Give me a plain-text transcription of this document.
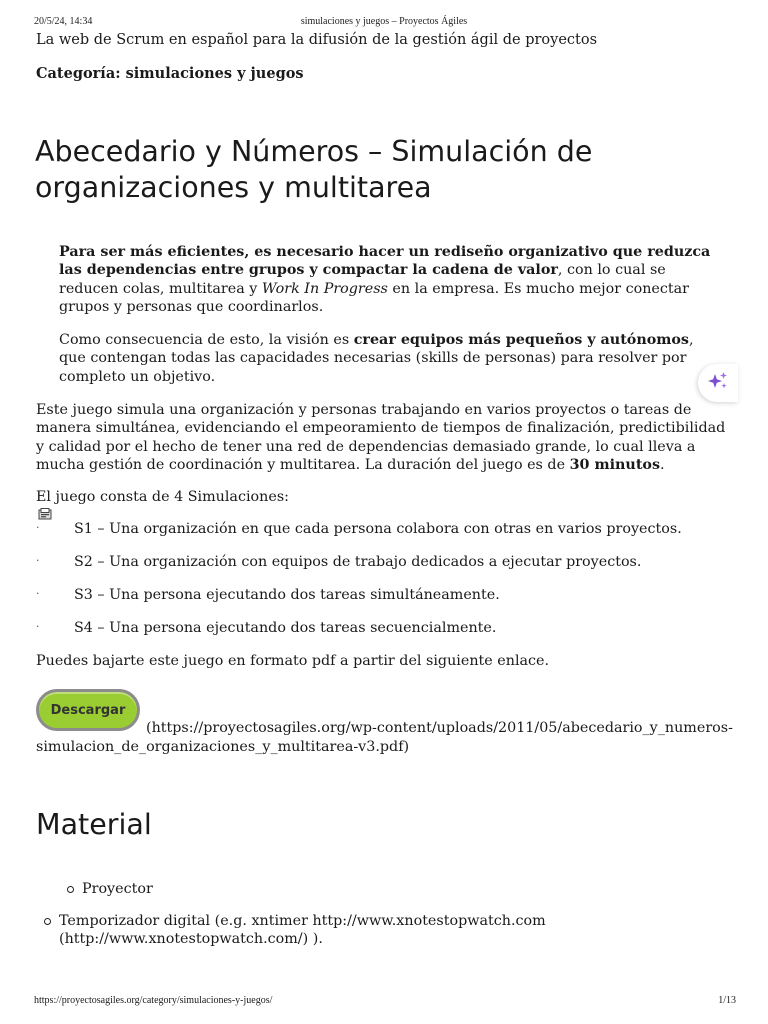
20/5/24, 14:34	simulaciones y juegos – Proyectos Ágiles
La web de Scrum en español para la difusión de la gestión ágil de proyectos
Categoría: simulaciones y juegos
Abecedario y Números – Simulación de organizaciones y multitarea
Para ser más eficientes, es necesario hacer un rediseño organizativo que reduzca las dependencias entre grupos y compactar la cadena de valor, con lo cual se reducen colas, multitarea y Work In Progress en la empresa. Es mucho mejor conectar grupos y personas que coordinarlos.
Como consecuencia de esto, la visión es crear equipos más pequeños y autónomos, que contengan todas las capacidades necesarias (skills de personas) para resolver por completo un objetivo.
Este juego simula una organización y personas trabajando en varios proyectos o tareas de manera simultánea, evidenciando el empeoramiento de tiempos de finalización, predictibilidad y calidad por el hecho de tener una red de dependencias demasiado grande, lo cual lleva a mucha gestión de coordinación y multitarea. La duración del juego es de 30 minutos.
El juego consta de 4 Simulaciones:
· S1 – Una organización en que cada persona colabora con otras en varios proyectos.
· S2 – Una organización con equipos de trabajo dedicados a ejecutar proyectos.
· S3 – Una persona ejecutando dos tareas simultáneamente.
· S4 – Una persona ejecutando dos tareas secuencialmente.
Puedes bajarte este juego en formato pdf a partir del siguiente enlace.
Descargar
(https://proyectosagiles.org/wp-content/uploads/2011/05/abecedario_y_numeros-
simulacion_de_organizaciones_y_multitarea-v3.pdf)
Material
Proyector
Temporizador digital (e.g. xntimer http://www.xnotestopwatch.com (http://www.xnotestopwatch.com/) ).
https://proyectosagiles.org/category/simulaciones-y-juegos/	1/13
